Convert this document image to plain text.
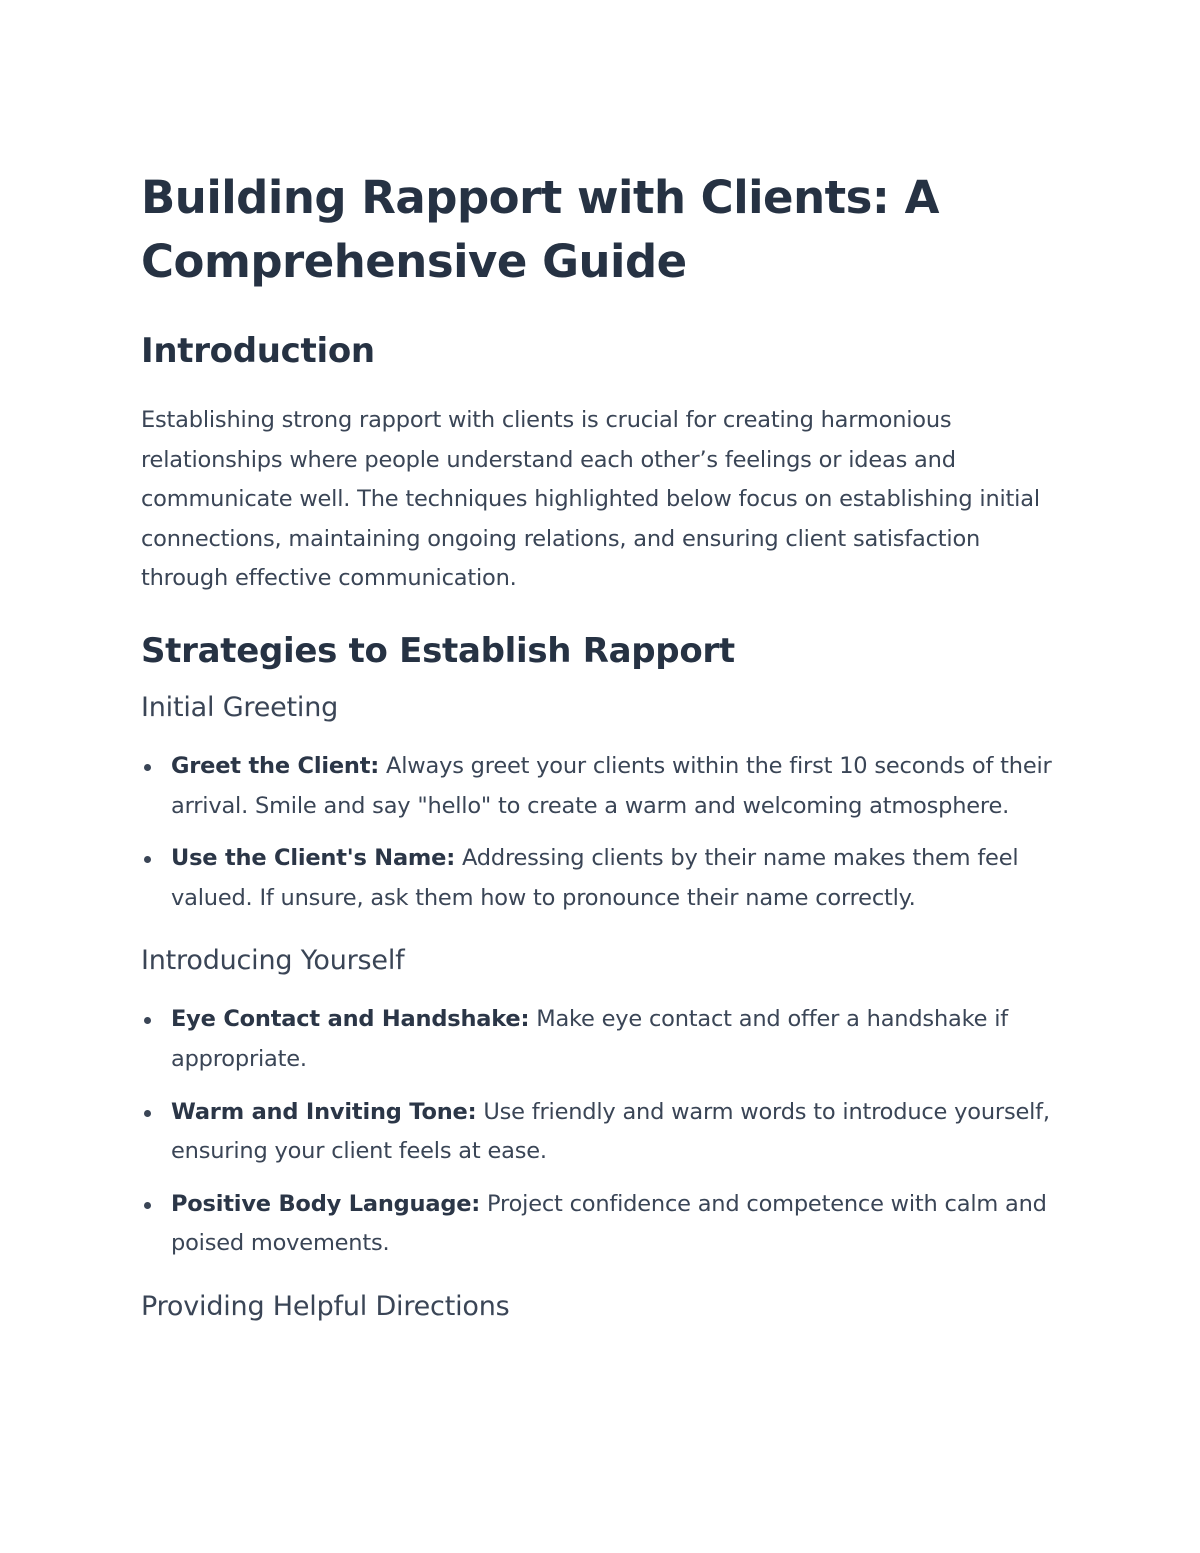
Building Rapport with Clients: A Comprehensive Guide
Introduction

Establishing strong rapport with clients is crucial for creating harmonious relationships where people understand each other’s feelings or ideas and communicate well. The techniques highlighted below focus on establishing initial connections, maintaining ongoing relations, and ensuring client satisfaction through effective communication.

Strategies to Establish Rapport
Initial Greeting
Greet the Client: Always greet your clients within the first 10 seconds of their arrival. Smile and say "hello" to create a warm and welcoming atmosphere.
Use the Client's Name: Addressing clients by their name makes them feel valued. If unsure, ask them how to pronounce their name correctly.
Introducing Yourself
Eye Contact and Handshake: Make eye contact and offer a handshake if appropriate.
Warm and Inviting Tone: Use friendly and warm words to introduce yourself, ensuring your client feels at ease.
Positive Body Language: Project confidence and competence with calm and poised movements.
Providing Helpful Directions
